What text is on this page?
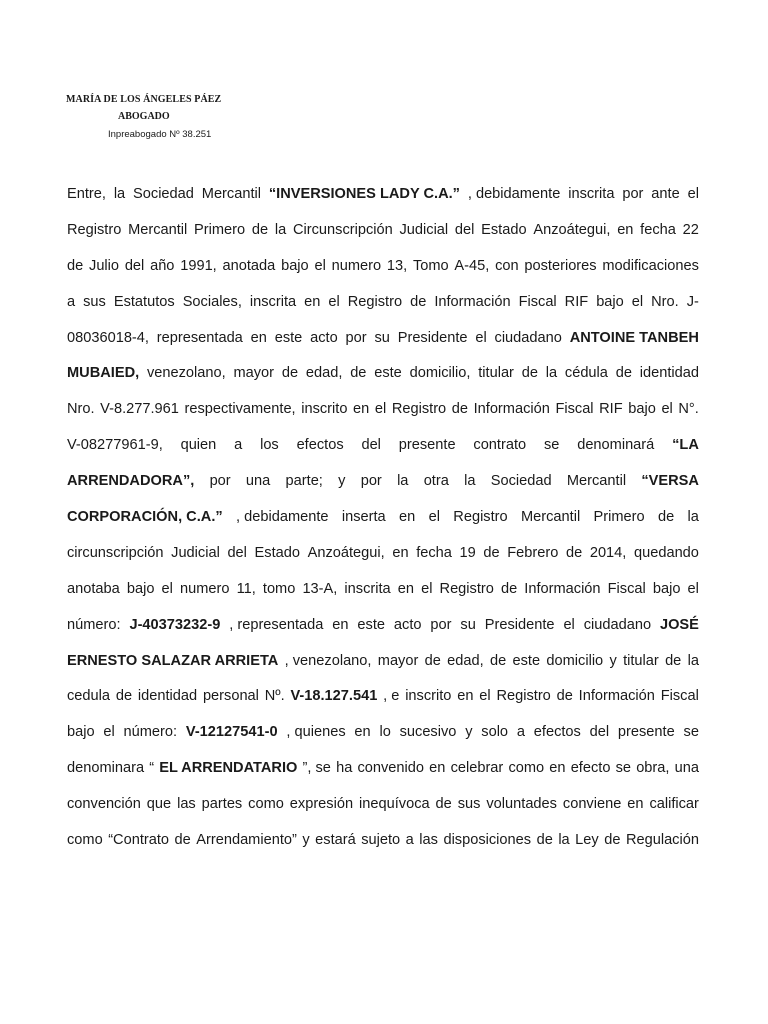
MARÍA DE LOS ÁNGELES PÁEZ
ABOGADO
Inpreabogado Nº 38.251
Entre, la Sociedad Mercantil “INVERSIONES LADY C.A.” , debidamente inscrita por ante el
Registro Mercantil Primero de la Circunscripción Judicial del Estado Anzoátegui, en fecha 22
de Julio del año 1991, anotada bajo el numero 13, Tomo A-45, con posteriores modificaciones
a sus Estatutos Sociales, inscrita en el Registro de Información Fiscal RIF bajo el Nro. J-
08036018-4, representada en este acto por su Presidente el ciudadano ANTOINE TANBEH
MUBAIED, venezolano, mayor de edad, de este domicilio, titular de la cédula de identidad
Nro. V-8.277.961 respectivamente, inscrito en el Registro de Información Fiscal RIF bajo el N°.
V-08277961-9, quien a los efectos del presente contrato se denominará “LA
ARRENDADORA”, por una parte; y por la otra la Sociedad Mercantil “VERSA
CORPORACIÓN, C.A.” , debidamente inserta en el Registro Mercantil Primero de la
circunscripción Judicial del Estado Anzoátegui, en fecha 19 de Febrero de 2014, quedando
anotaba bajo el numero 11, tomo 13-A, inscrita en el Registro de Información Fiscal bajo el
número: J-40373232-9 , representada en este acto por su Presidente el ciudadano JOSÉ
ERNESTO SALAZAR ARRIETA , venezolano, mayor de edad, de este domicilio y titular de la
cedula de identidad personal Nº. V-18.127.541 , e inscrito en el Registro de Información Fiscal
bajo el número: V-12127541-0 , quienes en lo sucesivo y solo a efectos del presente se
denominara “ EL ARRENDATARIO ”, se ha convenido en celebrar como en efecto se obra, una
convención que las partes como expresión inequívoca de sus voluntades conviene en calificar
como “Contrato de Arrendamiento” y estará sujeto a las disposiciones de la Ley de Regulación
